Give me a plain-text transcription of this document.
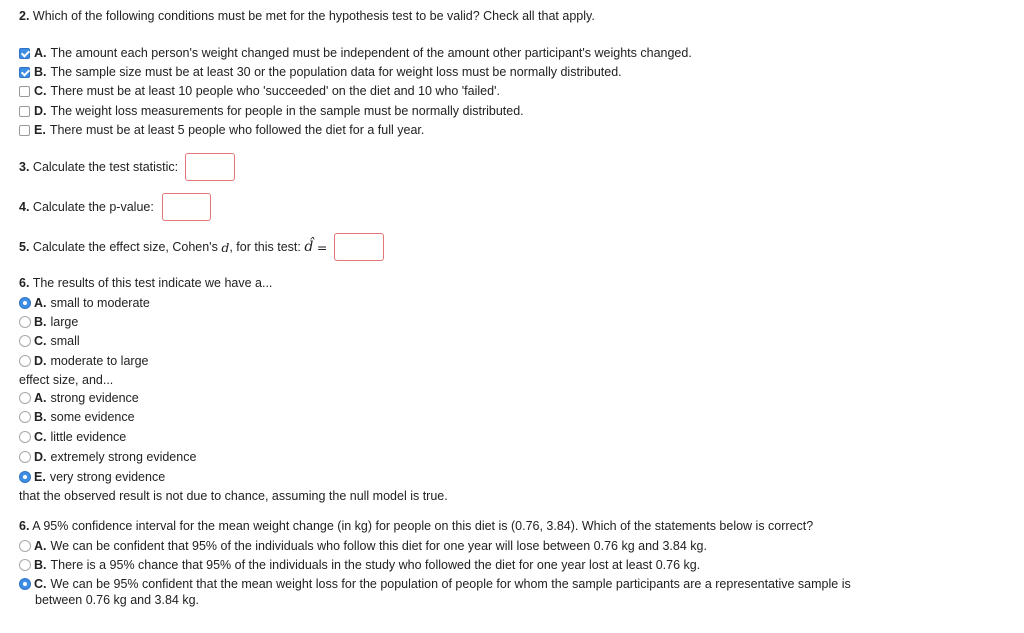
2. Which of the following conditions must be met for the hypothesis test to be valid? Check all that apply.
A. The amount each person's weight changed must be independent of the amount other participant's weights changed.
B. The sample size must be at least 30 or the population data for weight loss must be normally distributed.
C. There must be at least 10 people who 'succeeded' on the diet and 10 who 'failed'.
D. The weight loss measurements for people in the sample must be normally distributed.
E. There must be at least 5 people who followed the diet for a full year.
3.
Calculate the test statistic:
4.
Calculate the p-value:
5.
Calculate the effect size, Cohen's
d , for this test:
d̂
=
6. The results of this test indicate we have a...
A. small to moderate
B. large
C. small
D. moderate to large
effect size, and...
A. strong evidence
B. some evidence
C. little evidence
D. extremely strong evidence
E. very strong evidence
that the observed result is not due to chance, assuming the null model is true.
6. A 95% confidence interval for the mean weight change (in kg) for people on this diet is (0.76, 3.84). Which of the statements below is correct?
A. We can be confident that 95% of the individuals who follow this diet for one year will lose between 0.76 kg and 3.84 kg.
B. There is a 95% chance that 95% of the individuals in the study who followed the diet for one year lost at least 0.76 kg.
C. We can be 95% confident that the mean weight loss for the population of people for whom the sample participants are a representative sample is
between 0.76 kg and 3.84 kg.
